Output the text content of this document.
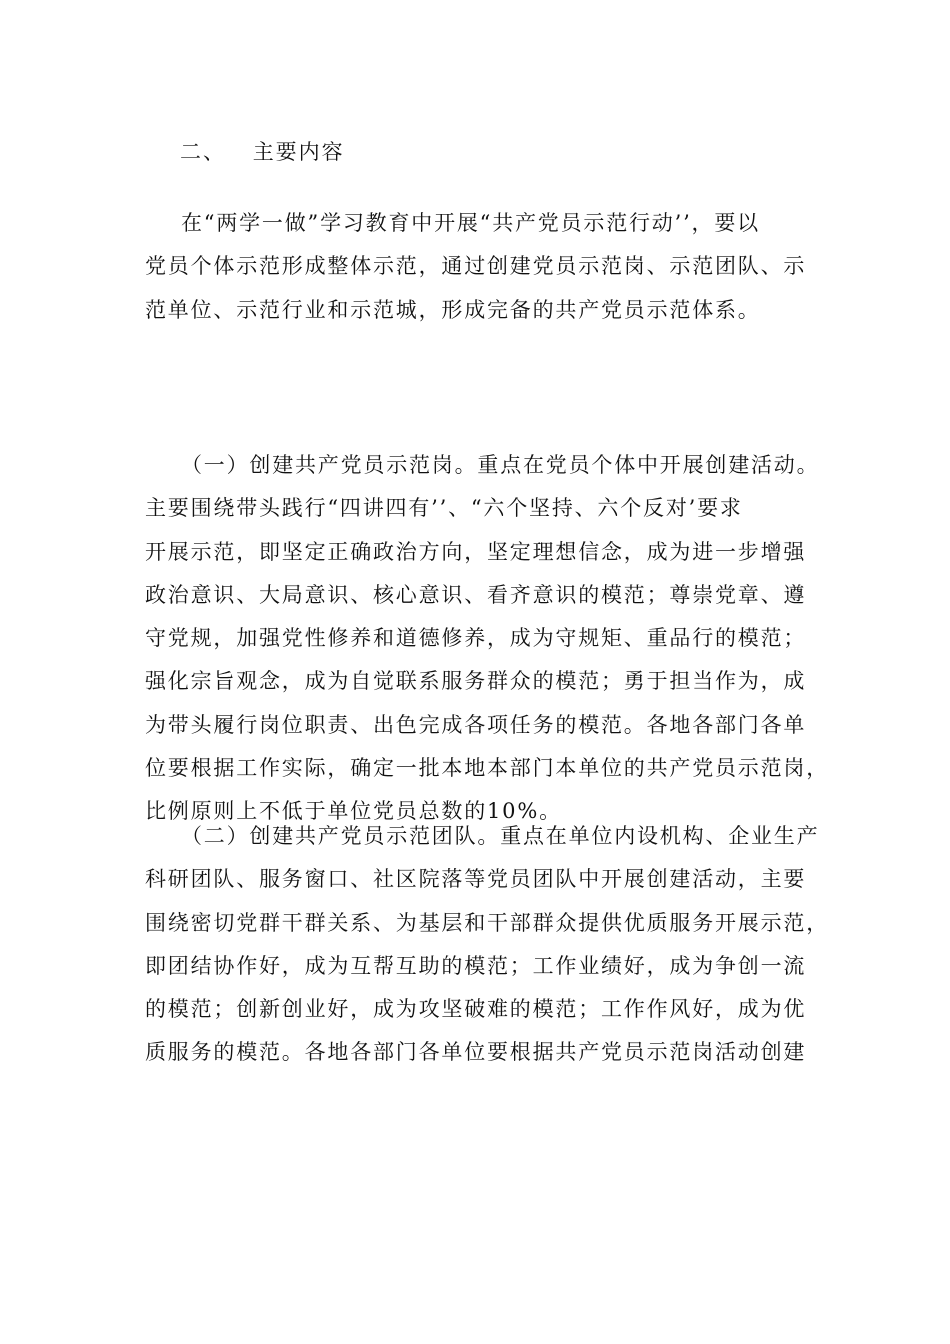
二、 主要内容
在“两学一做”学习教育中开展“共产党员示范行动’’，要以
党员个体示范形成整体示范，通过创建党员示范岗、示范团队、示
范单位、示范行业和示范城，形成完备的共产党员示范体系。
（一）创建共产党员示范岗。重点在党员个体中开展创建活动。
主要围绕带头践行“四讲四有’’、“六个坚持、六个反对’要求
开展示范，即坚定正确政治方向，坚定理想信念，成为进一步增强
政治意识、大局意识、核心意识、看齐意识的模范；尊崇党章、遵
守党规，加强党性修养和道德修养，成为守规矩、重品行的模范；
强化宗旨观念，成为自觉联系服务群众的模范；勇于担当作为，成
为带头履行岗位职责、出色完成各项任务的模范。各地各部门各单
位要根据工作实际，确定一批本地本部门本单位的共产党员示范岗，
比例原则上不低于单位党员总数的10%。
（二）创建共产党员示范团队。重点在单位内设机构、企业生产
科研团队、服务窗口、社区院落等党员团队中开展创建活动，主要
围绕密切党群干群关系、为基层和干部群众提供优质服务开展示范，
即团结协作好，成为互帮互助的模范；工作业绩好，成为争创一流
的模范；创新创业好，成为攻坚破难的模范；工作作风好，成为优
质服务的模范。各地各部门各单位要根据共产党员示范岗活动创建
